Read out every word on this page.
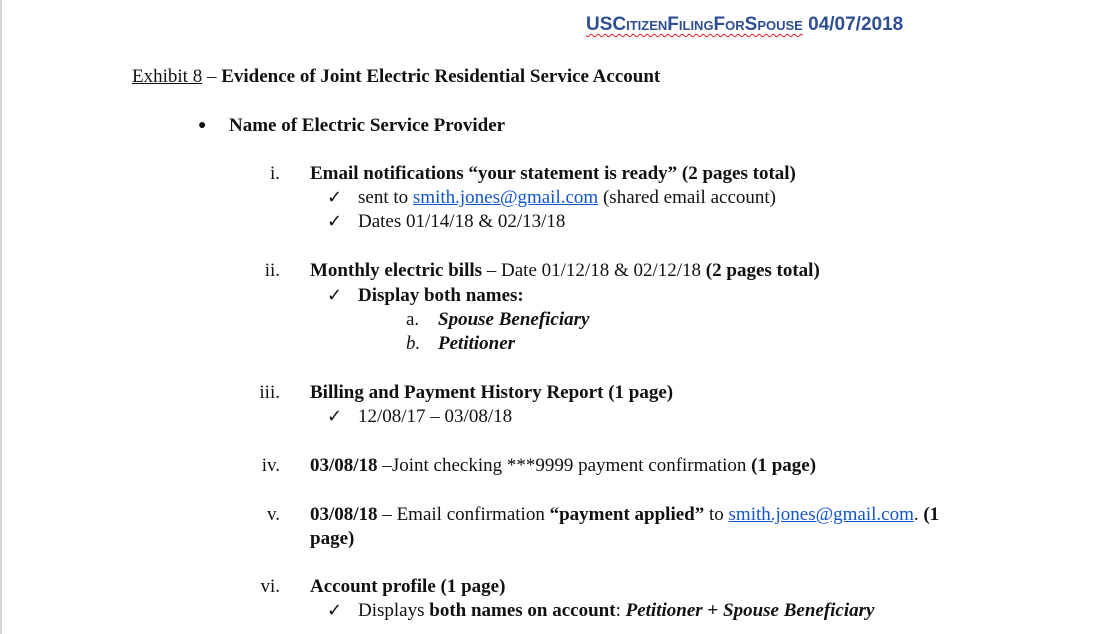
USCitizenFilingForSpouse 04/07/2018
Exhibit 8 – Evidence of Joint Electric Residential Service Account
● Name of Electric Service Provider
i. Email notifications “your statement is ready” (2 pages total)
✓ sent to smith.jones@gmail.com (shared email account)
✓ Dates 01/14/18 & 02/13/18
ii. Monthly electric bills – Date 01/12/18 & 02/12/18 (2 pages total)
✓ Display both names:
a. Spouse Beneficiary
b. Petitioner
iii. Billing and Payment History Report (1 page)
✓ 12/08/17 – 03/08/18
iv. 03/08/18 –Joint checking ***9999 payment confirmation (1 page)
v. 03/08/18 – Email confirmation “payment applied” to smith.jones@gmail.com. (1
page)
vi. Account profile (1 page)
✓ Displays both names on account: Petitioner + Spouse Beneficiary
